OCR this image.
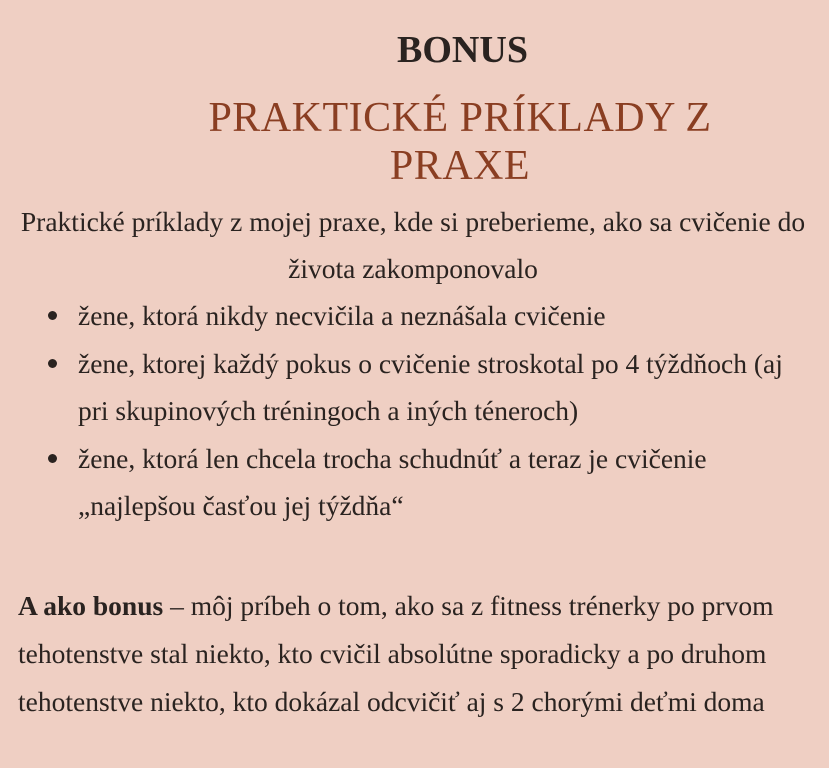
BONUS
PRAKTICKÉ PRÍKLADY Z PRAXE
Praktické príklady z mojej praxe, kde si preberieme, ako sa cvičenie do života zakomponovalo
žene, ktorá nikdy necvičila a neznášala cvičenie
žene, ktorej každý pokus o cvičenie stroskotal po 4 týždňoch (aj pri skupinových tréningoch a iných téneroch)
žene, ktorá len chcela trocha schudnúť a teraz je cvičenie „najlepšou časťou jej týždňa“
A ako bonus – môj príbeh o tom, ako sa z fitness trénerky po prvom tehotenstve stal niekto, kto cvičil absolútne sporadicky a po druhom tehotenstve niekto, kto dokázal odcvičiť aj s 2 chorými deťmi doma
